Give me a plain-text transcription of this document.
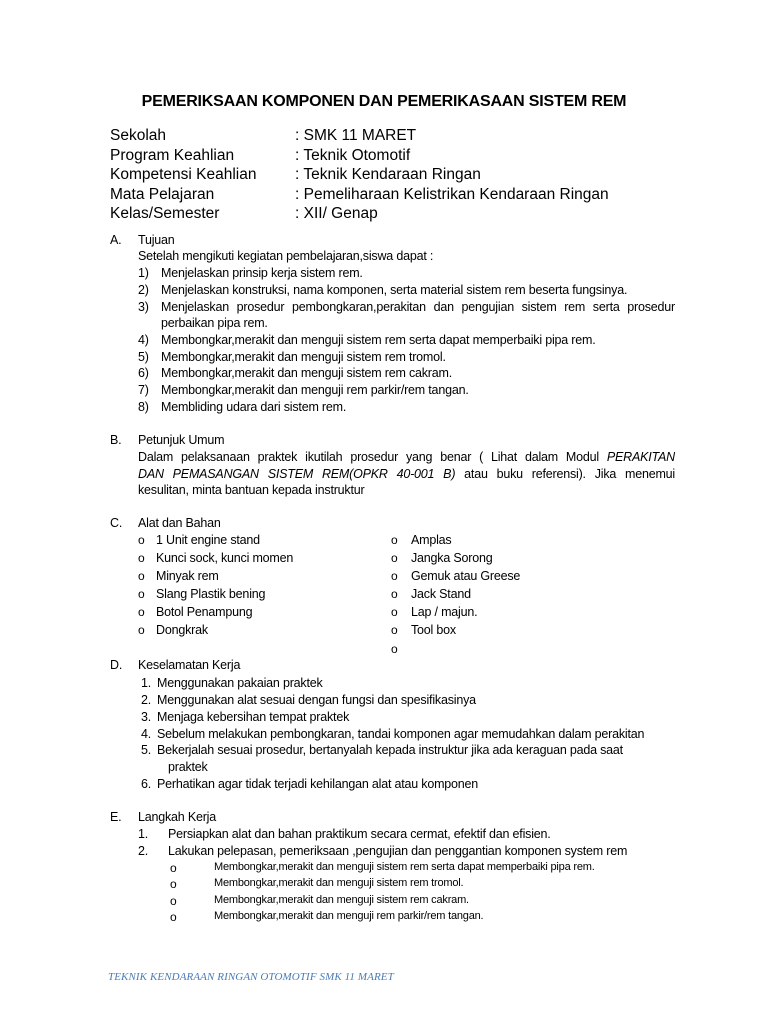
PEMERIKSAAN KOMPONEN DAN PEMERIKASAAN SISTEM REM
Sekolah	: SMK 11 MARET
Program Keahlian	: Teknik Otomotif
Kompetensi Keahlian : Teknik Kendaraan Ringan
Mata Pelajaran	: Pemeliharaan Kelistrikan Kendaraan Ringan
Kelas/Semester	: XII/ Genap
A. Tujuan
Setelah mengikuti kegiatan pembelajaran,siswa dapat :
1) Menjelaskan prinsip kerja sistem rem.
2) Menjelaskan konstruksi, nama komponen, serta material sistem rem beserta fungsinya.
3) Menjelaskan prosedur pembongkaran,perakitan dan pengujian sistem rem serta prosedur
perbaikan pipa rem.
4) Membongkar,merakit dan menguji sistem rem serta dapat memperbaiki pipa rem.
5) Membongkar,merakit dan menguji sistem rem tromol.
6) Membongkar,merakit dan menguji sistem rem cakram.
7) Membongkar,merakit dan menguji rem parkir/rem tangan.
8) Membliding udara dari sistem rem.
B. Petunjuk Umum
Dalam pelaksanaan praktek ikutilah prosedur yang benar ( Lihat dalam Modul PERAKITAN
DAN PEMASANGAN SISTEM REM(OPKR 40-001 B) atau buku referensi). Jika menemui
kesulitan, minta bantuan kepada instruktur
C. Alat dan Bahan
o 1 Unit engine stand
o Kunci sock, kunci momen
o Minyak rem
o Slang Plastik bening
o Botol Penampung
o Dongkrak
o Amplas
o Jangka Sorong
o Gemuk atau Greese
o Jack Stand
o Lap / majun.
o Tool box
o
D. Keselamatan Kerja
1. Menggunakan pakaian praktek
2. Menggunakan alat sesuai dengan fungsi dan spesifikasinya
3. Menjaga kebersihan tempat praktek
4. Sebelum melakukan pembongkaran, tandai komponen agar memudahkan dalam perakitan
5. Bekerjalah sesuai prosedur, bertanyalah kepada instruktur jika ada keraguan pada saat
praktek
6. Perhatikan agar tidak terjadi kehilangan alat atau komponen
E. Langkah Kerja
1. Persiapkan alat dan bahan praktikum secara cermat, efektif dan efisien.
2. Lakukan pelepasan, pemeriksaan ,pengujian dan penggantian komponen system rem
o	Membongkar,merakit dan menguji sistem rem serta dapat memperbaiki pipa rem.
o	Membongkar,merakit dan menguji sistem rem tromol.
o	Membongkar,merakit dan menguji sistem rem cakram.
o	Membongkar,merakit dan menguji rem parkir/rem tangan.
TEKNIK KENDARAAN RINGAN OTOMOTIF SMK 11 MARET
